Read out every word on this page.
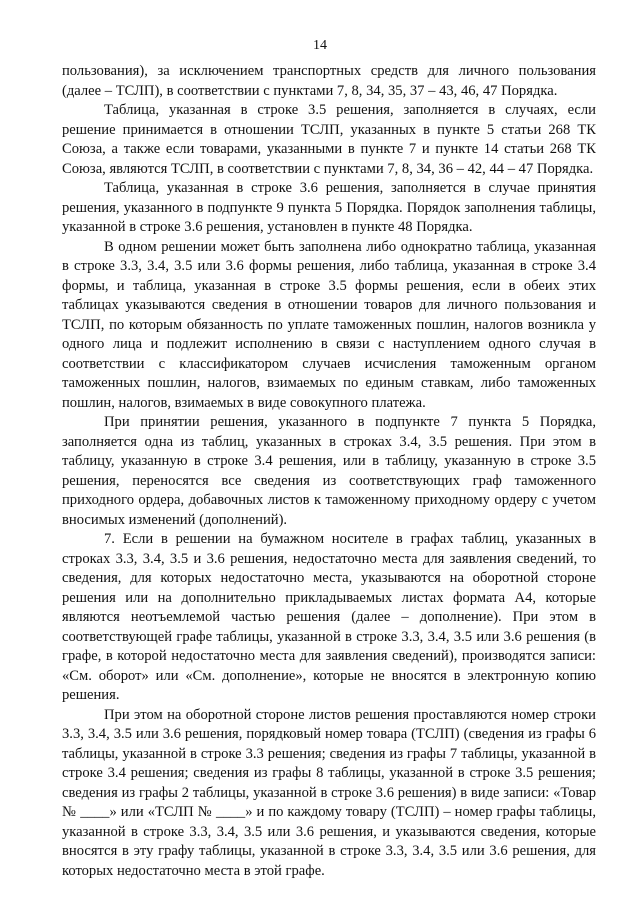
14

пользования), за исключением транспортных средств для личного пользования (далее – ТСЛП), в соответствии с пунктами 7, 8, 34, 35, 37 – 43, 46, 47 Порядка.

Таблица, указанная в строке 3.5 решения, заполняется в случаях, если решение принимается в отношении ТСЛП, указанных в пункте 5 статьи 268 ТК Союза, а также если товарами, указанными в пункте 7 и пункте 14 статьи 268 ТК Союза, являются ТСЛП, в соответствии с пунктами 7, 8, 34, 36 – 42, 44 – 47 Порядка.

Таблица, указанная в строке 3.6 решения, заполняется в случае принятия решения, указанного в подпункте 9 пункта 5 Порядка. Порядок заполнения таблицы, указанной в строке 3.6 решения, установлен в пункте 48 Порядка.

В одном решении может быть заполнена либо однократно таблица, указанная в строке 3.3, 3.4, 3.5 или 3.6 формы решения, либо таблица, указанная в строке 3.4 формы, и таблица, указанная в строке 3.5 формы решения, если в обеих этих таблицах указываются сведения в отношении товаров для личного пользования и ТСЛП, по которым обязанность по уплате таможенных пошлин, налогов возникла у одного лица и подлежит исполнению в связи с наступлением одного случая в соответствии с классификатором случаев исчисления таможенным органом таможенных пошлин, налогов, взимаемых по единым ставкам, либо таможенных пошлин, налогов, взимаемых в виде совокупного платежа.

При принятии решения, указанного в подпункте 7 пункта 5 Порядка, заполняется одна из таблиц, указанных в строках 3.4, 3.5 решения. При этом в таблицу, указанную в строке 3.4 решения, или в таблицу, указанную в строке 3.5 решения, переносятся все сведения из соответствующих граф таможенного приходного ордера, добавочных листов к таможенному приходному ордеру с учетом вносимых изменений (дополнений).

7. Если в решении на бумажном носителе в графах таблиц, указанных в строках 3.3, 3.4, 3.5 и 3.6 решения, недостаточно места для заявления сведений, то сведения, для которых недостаточно места, указываются на оборотной стороне решения или на дополнительно прикладываемых листах формата А4, которые являются неотъемлемой частью решения (далее – дополнение). При этом в соответствующей графе таблицы, указанной в строке 3.3, 3.4, 3.5 или 3.6 решения (в графе, в которой недостаточно места для заявления сведений), производятся записи: «См. оборот» или «См. дополнение», которые не вносятся в электронную копию решения.

При этом на оборотной стороне листов решения проставляются номер строки 3.3, 3.4, 3.5 или 3.6 решения, порядковый номер товара (ТСЛП) (сведения из графы 6 таблицы, указанной в строке 3.3 решения; сведения из графы 7 таблицы, указанной в строке 3.4 решения; сведения из графы 8 таблицы, указанной в строке 3.5 решения; сведения из графы 2 таблицы, указанной в строке 3.6 решения) в виде записи: «Товар № ____» или «ТСЛП № ____» и по каждому товару (ТСЛП) – номер графы таблицы, указанной в строке 3.3, 3.4, 3.5 или 3.6 решения, и указываются сведения, которые вносятся в эту графу таблицы, указанной в строке 3.3, 3.4, 3.5 или 3.6 решения, для которых недостаточно места в этой графе.
